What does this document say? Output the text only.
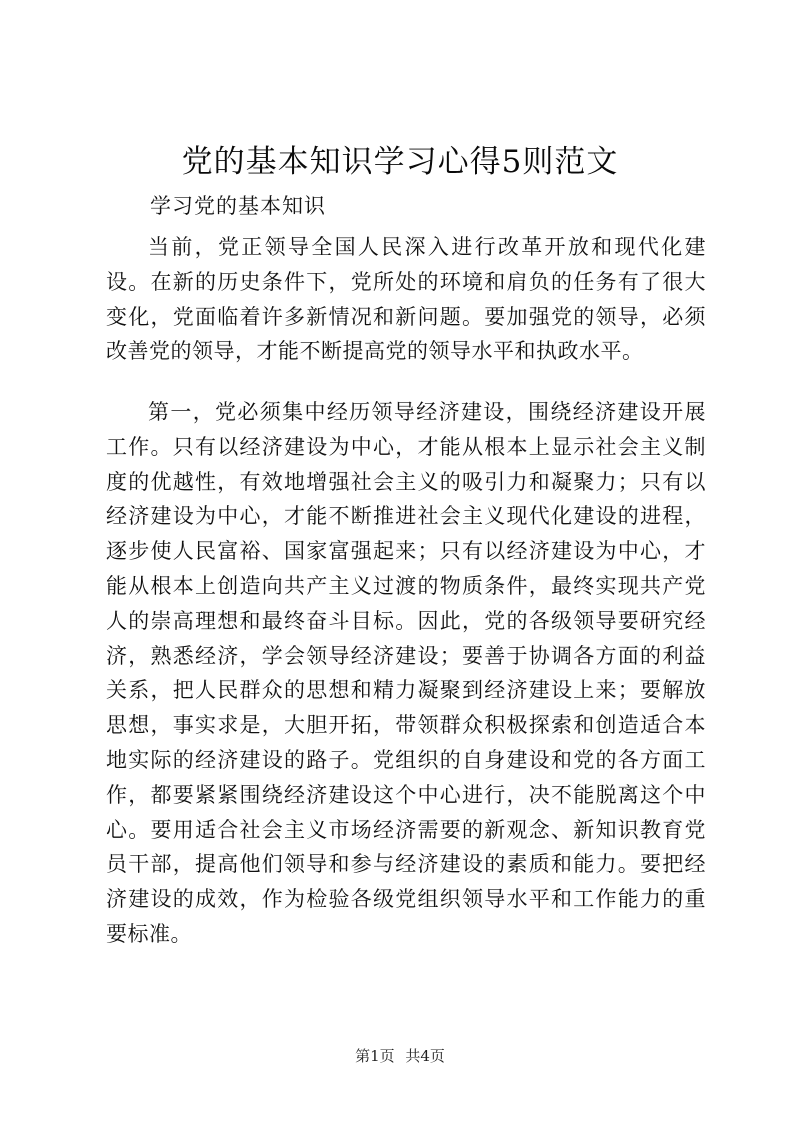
党的基本知识学习心得5则范文
学习党的基本知识

当前，党正领导全国人民深入进行改革开放和现代化建设。在新的历史条件下，党所处的环境和肩负的任务有了很大变化，党面临着许多新情况和新问题。要加强党的领导，必须改善党的领导，才能不断提高党的领导水平和执政水平。

第一，党必须集中经历领导经济建设，围绕经济建设开展工作。只有以经济建设为中心，才能从根本上显示社会主义制度的优越性，有效地增强社会主义的吸引力和凝聚力；只有以经济建设为中心，才能不断推进社会主义现代化建设的进程，逐步使人民富裕、国家富强起来；只有以经济建设为中心，才能从根本上创造向共产主义过渡的物质条件，最终实现共产党人的崇高理想和最终奋斗目标。因此，党的各级领导要研究经济，熟悉经济，学会领导经济建设；要善于协调各方面的利益关系，把人民群众的思想和精力凝聚到经济建设上来；要解放思想，事实求是，大胆开拓，带领群众积极探索和创造适合本地实际的经济建设的路子。党组织的自身建设和党的各方面工作，都要紧紧围绕经济建设这个中心进行，决不能脱离这个中心。要用适合社会主义市场经济需要的新观念、新知识教育党员干部，提高他们领导和参与经济建设的素质和能力。要把经济建设的成效，作为检验各级党组织领导水平和工作能力的重要标准。

第1页 共4页
